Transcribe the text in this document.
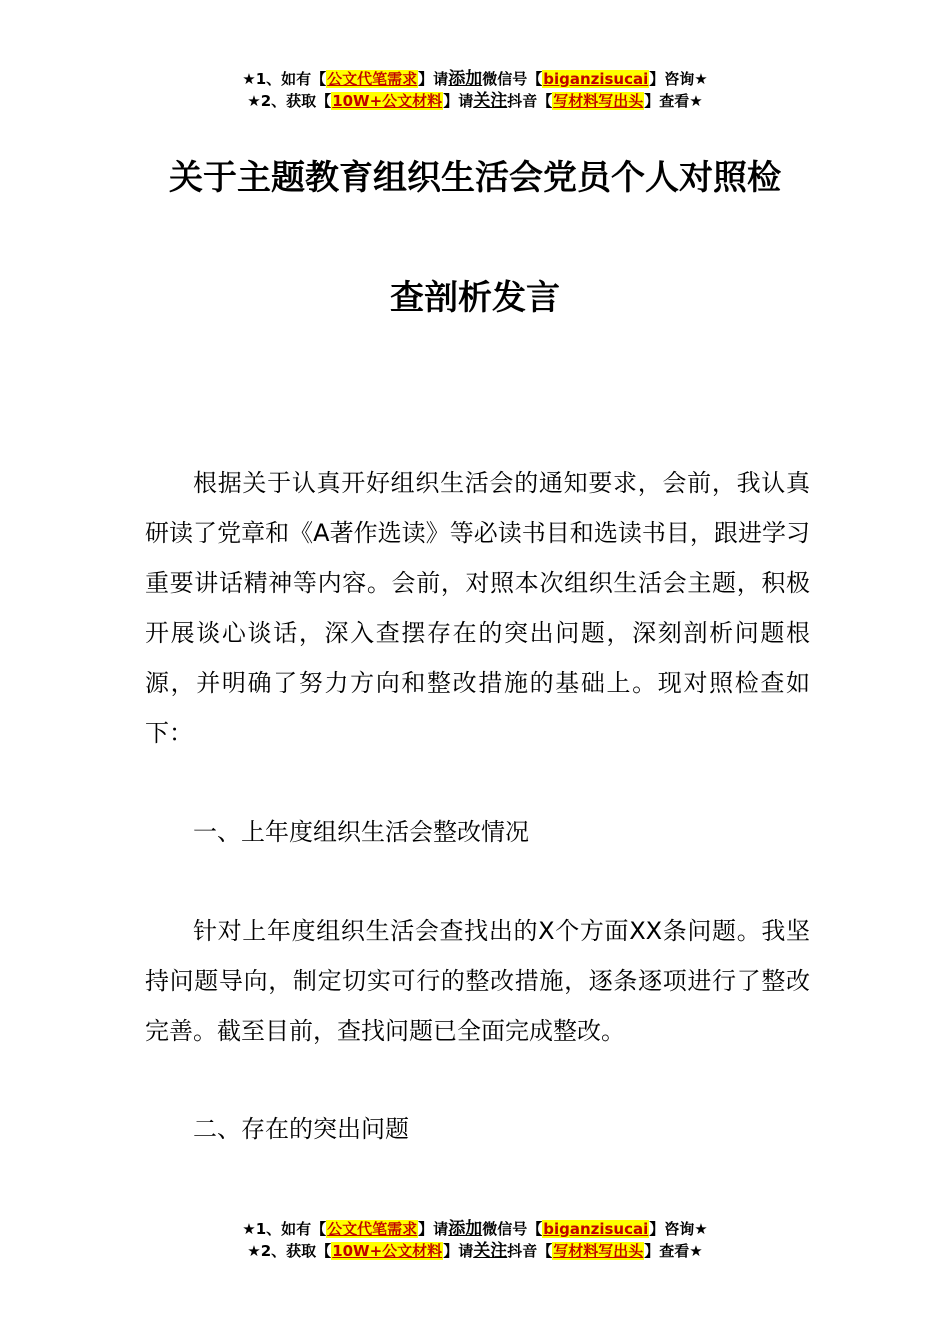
★1、如有【公文代笔需求】请添加微信号【biganzisucai】咨询★
★2、获取【10W+公文材料】请关注抖音【写材料写出头】查看★
关于主题教育组织生活会党员个人对照检
查剖析发言

根据关于认真开好组织生活会的通知要求，会前，我认真研读了党章和《A著作选读》等必读书目和选读书目，跟进学习重要讲话精神等内容。会前，对照本次组织生活会主题，积极开展谈心谈话，深入查摆存在的突出问题，深刻剖析问题根源，并明确了努力方向和整改措施的基础上。现对照检查如下：

一、上年度组织生活会整改情况

针对上年度组织生活会查找出的X个方面XX条问题。我坚持问题导向，制定切实可行的整改措施，逐条逐项进行了整改完善。截至目前，查找问题已全面完成整改。

二、存在的突出问题

★1、如有【公文代笔需求】请添加微信号【biganzisucai】咨询★
★2、获取【10W+公文材料】请关注抖音【写材料写出头】查看★
